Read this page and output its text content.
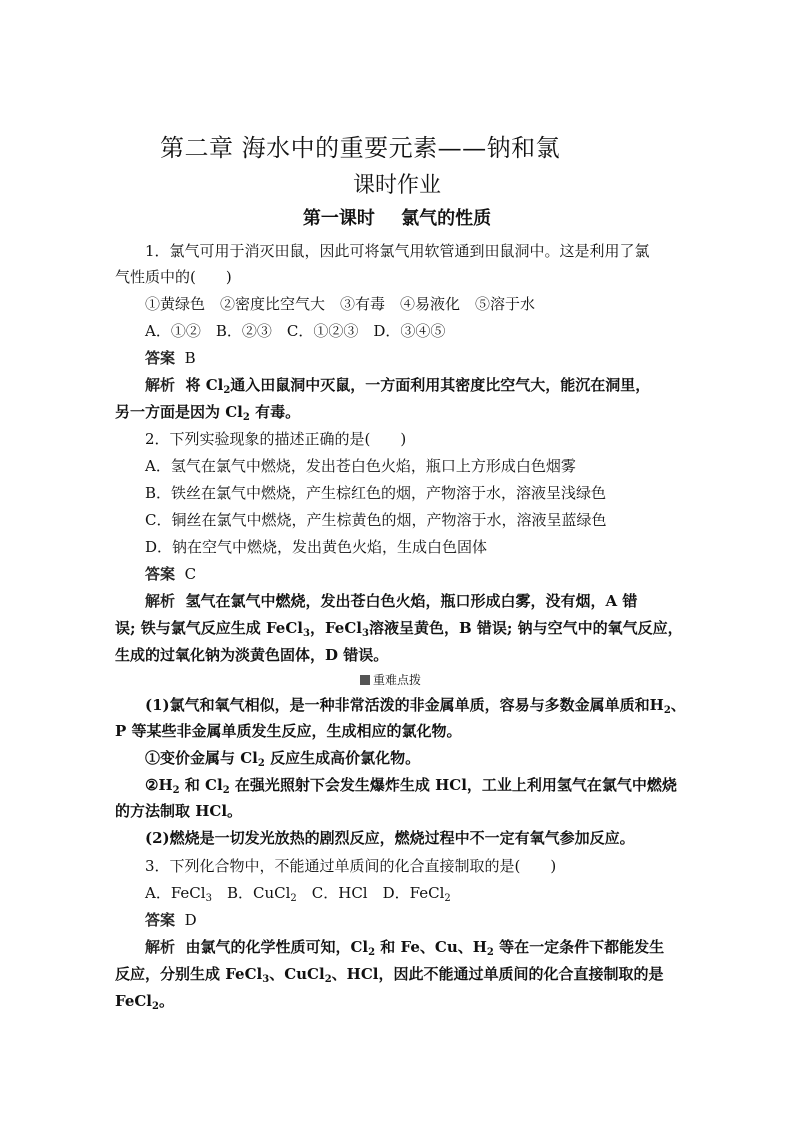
第二章 海水中的重要元素——钠和氯
课时作业
第一课时 氯气的性质
1．氯气可用于消灭田鼠，因此可将氯气用软管通到田鼠洞中。这是利用了氯
气性质中的(　　)
①黄绿色　②密度比空气大　③有毒　④易液化　⑤溶于水
A．①②　B．②③　C．①②③　D．③④⑤
答案 B
解析 将 $Cl_2$通入田鼠洞中灭鼠，一方面利用其密度比空气大，能沉在洞里，
另一方面是因为 $Cl_2$ 有毒。
2．下列实验现象的描述正确的是(　　)
A．氢气在氯气中燃烧，发出苍白色火焰，瓶口上方形成白色烟雾
B．铁丝在氯气中燃烧，产生棕红色的烟，产物溶于水，溶液呈浅绿色
C．铜丝在氯气中燃烧，产生棕黄色的烟，产物溶于水，溶液呈蓝绿色
D．钠在空气中燃烧，发出黄色火焰，生成白色固体
答案 C
解析 氢气在氯气中燃烧，发出苍白色火焰，瓶口形成白雾，没有烟，A 错
误; 铁与氯气反应生成 FeCl$_3$，FeCl$_3$溶液呈黄色，B 错误; 钠与空气中的氧气反应，
生成的过氧化钠为淡黄色固体，D 错误。
重难点拨
(1)氯气和氧气相似，是一种非常活泼的非金属单质，容易与多数金属单质和$H_2$、
P 等某些非金属单质发生反应，生成相应的氯化物。
①变价金属与 $Cl_2$ 反应生成高价氯化物。
$②H_2$ 和 $Cl_2$ 在强光照射下会发生爆炸生成 HCl，工业上利用氢气在氯气中燃烧
的方法制取 HCl。
(2)燃烧是一切发光放热的剧烈反应，燃烧过程中不一定有氧气参加反应。
3．下列化合物中，不能通过单质间的化合直接制取的是(　　)
A．FeCl$_3$　B．CuCl$_2$　C．HCl　D．FeCl$_2$
答案 D
解析 由氯气的化学性质可知，$Cl_2$ 和 Fe、Cu、$H_2$ 等在一定条件下都能发生
反应，分别生成 FeCl$_3$、CuCl$_2$、HCl，因此不能通过单质间的化合直接制取的是
FeCl$_2$。
